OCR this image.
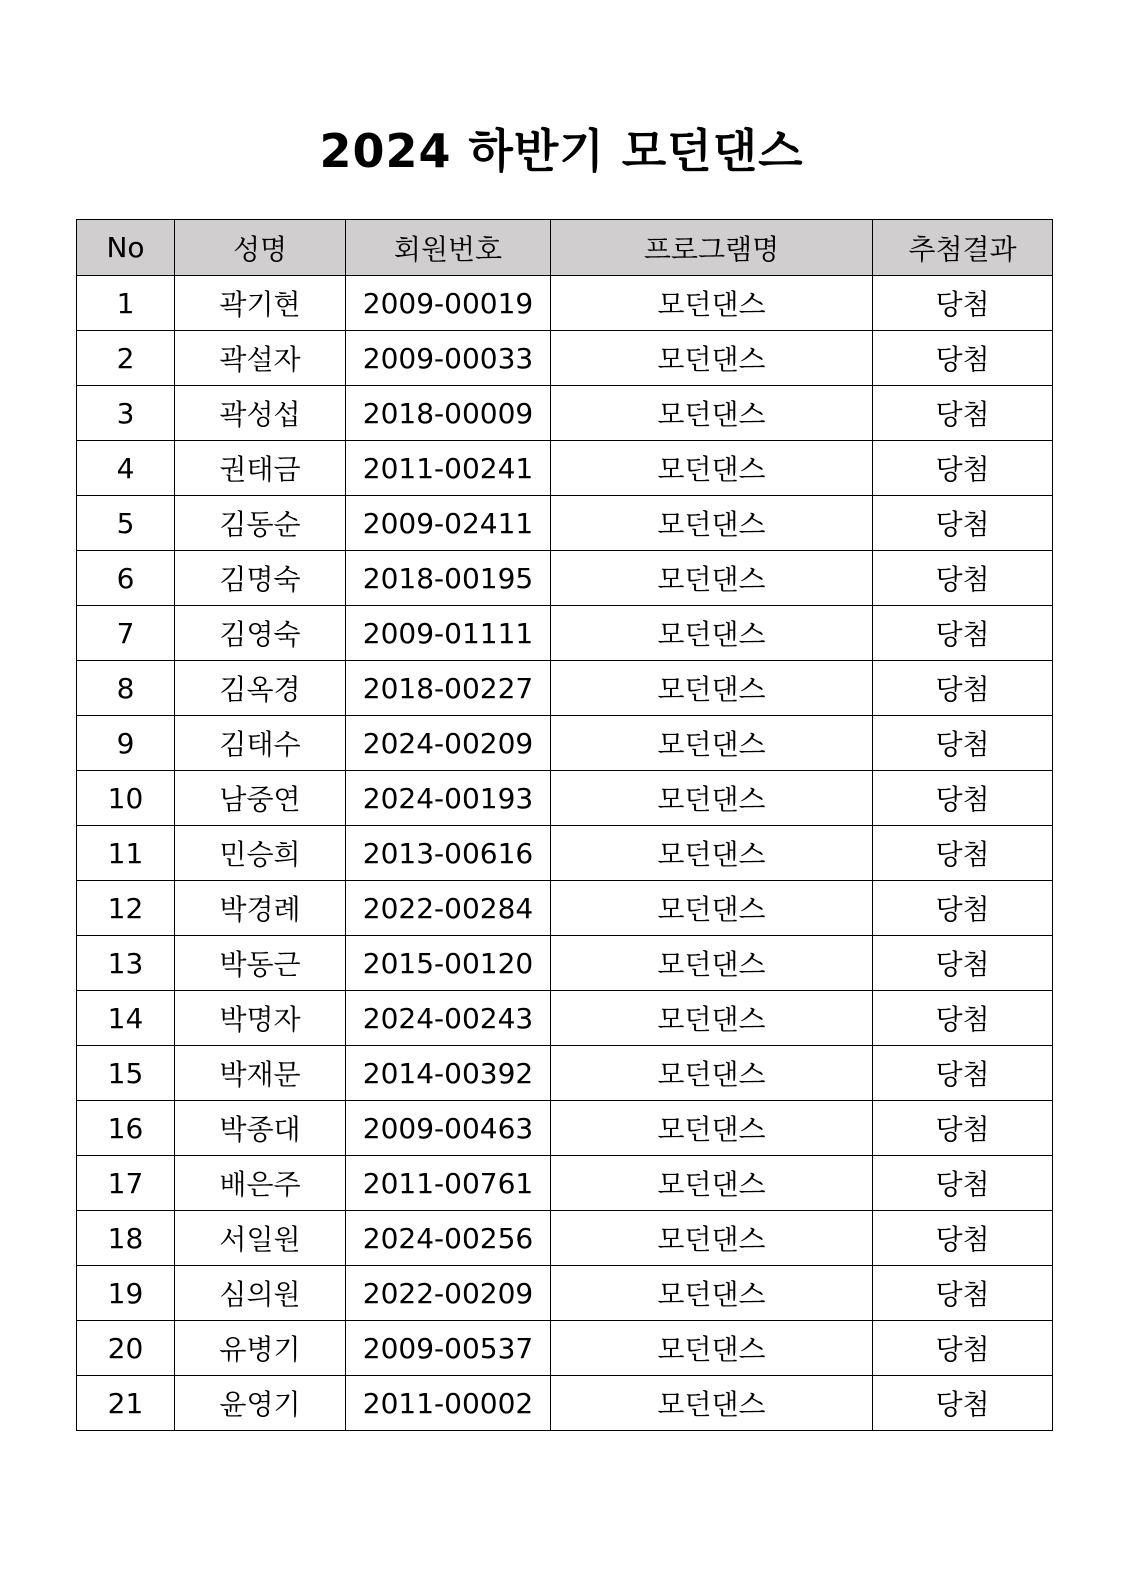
2024 하반기 모던댄스
No	성명	회원번호	프로그램명	추첨결과
1	곽기현	2009-00019	모던댄스	당첨
2	곽설자	2009-00033	모던댄스	당첨
3	곽성섭	2018-00009	모던댄스	당첨
4	권태금	2011-00241	모던댄스	당첨
5	김동순	2009-02411	모던댄스	당첨
6	김명숙	2018-00195	모던댄스	당첨
7	김영숙	2009-01111	모던댄스	당첨
8	김옥경	2018-00227	모던댄스	당첨
9	김태수	2024-00209	모던댄스	당첨
10	남중연	2024-00193	모던댄스	당첨
11	민승희	2013-00616	모던댄스	당첨
12	박경례	2022-00284	모던댄스	당첨
13	박동근	2015-00120	모던댄스	당첨
14	박명자	2024-00243	모던댄스	당첨
15	박재문	2014-00392	모던댄스	당첨
16	박종대	2009-00463	모던댄스	당첨
17	배은주	2011-00761	모던댄스	당첨
18	서일원	2024-00256	모던댄스	당첨
19	심의원	2022-00209	모던댄스	당첨
20	유병기	2009-00537	모던댄스	당첨
21	윤영기	2011-00002	모던댄스	당첨
